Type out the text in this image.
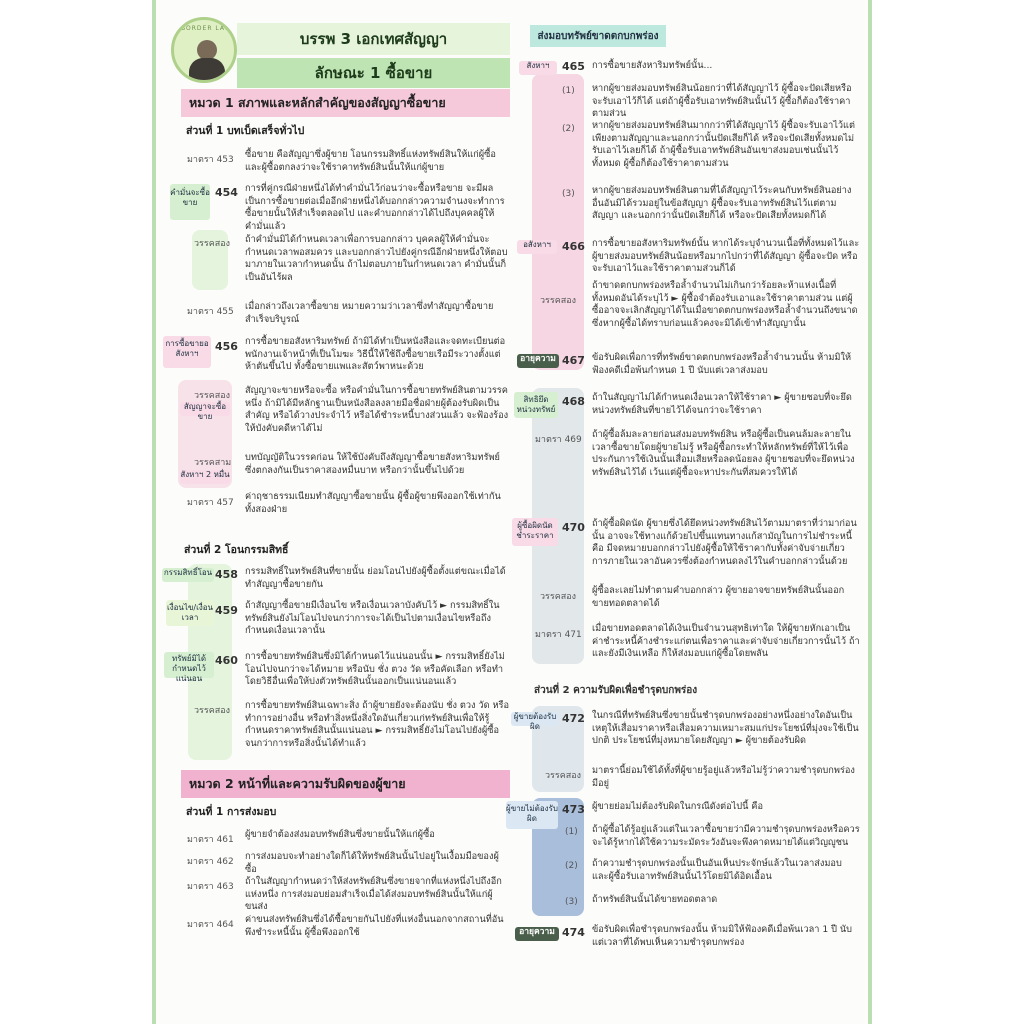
BORDER LAW
บรรพ 3 เอกเทศสัญญา
ลักษณะ 1 ซื้อขาย
หมวด 1 สภาพและหลักสำคัญของสัญญาซื้อขาย
ส่วนที่ 1 บทเบ็ดเสร็จทั่วไป
มาตรา 453 ซื้อขาย คือสัญญาซึ่งผู้ขาย โอนกรรมสิทธิ์แห่งทรัพย์สินให้แก่ผู้ซื้อ และผู้ซื้อตกลงว่าจะใช้ราคาทรัพย์สินนั้นให้แก่ผู้ขาย
คำมั่นจะซื้อขาย
454 การที่คู่กรณีฝ่ายหนึ่งได้ทำคำมั่นไว้ก่อนว่าจะซื้อหรือขาย จะมีผลเป็นการซื้อขายต่อเมื่ออีกฝ่ายหนึ่งได้บอกกล่าวความจำนงจะทำการซื้อขายนั้นให้สำเร็จตลอดไป และคำบอกกล่าวได้ไปถึงบุคคลผู้ให้คำมั่นแล้ว
วรรคสอง ถ้าคำมั่นมิได้กำหนดเวลาเพื่อการบอกกล่าว บุคคลผู้ให้คำมั่นจะกำหนดเวลาพอสมควร และบอกกล่าวไปยังคู่กรณีอีกฝ่ายหนึ่งให้ตอบมาภายในเวลากำหนดนั้น ถ้าไม่ตอบภายในกำหนดเวลา คำมั่นนั้นก็เป็นอันไร้ผล
มาตรา 455 เมื่อกล่าวถึงเวลาซื้อขาย หมายความว่าเวลาซึ่งทำสัญญาซื้อขายสำเร็จบริบูรณ์
การซื้อขายอสังหาฯ
456 การซื้อขายอสังหาริมทรัพย์ ถ้ามิได้ทำเป็นหนังสือและจดทะเบียนต่อพนักงานเจ้าหน้าที่เป็นโมฆะ วิธีนี้ให้ใช้ถึงซื้อขายเรือมีระวางตั้งแต่ห้าตันขึ้นไป ทั้งซื้อขายแพและสัตว์พาหนะด้วย
วรรคสอง
สัญญาจะซื้อขาย
สัญญาจะขายหรือจะซื้อ หรือคำมั่นในการซื้อขายทรัพย์สินตามวรรคหนึ่ง ถ้ามิได้มีหลักฐานเป็นหนังสือลงลายมือชื่อฝ่ายผู้ต้องรับผิดเป็นสำคัญ หรือได้วางประจำไว้ หรือได้ชำระหนี้บางส่วนแล้ว จะฟ้องร้องให้บังคับคดีหาได้ไม่
วรรคสาม
สังหาฯ 2 หมื่น
บทบัญญัติในวรรคก่อน ให้ใช้บังคับถึงสัญญาซื้อขายสังหาริมทรัพย์ซึ่งตกลงกันเป็นราคาสองหมื่นบาท หรือกว่านั้นขึ้นไปด้วย
มาตรา 457
ค่าฤชาธรรมเนียมทำสัญญาซื้อขายนั้น ผู้ซื้อผู้ขายพึงออกใช้เท่ากันทั้งสองฝ่าย
ส่วนที่ 2 โอนกรรมสิทธิ์
กรรมสิทธิ์โอน 458 กรรมสิทธิ์ในทรัพย์สินที่ขายนั้น ย่อมโอนไปยังผู้ซื้อตั้งแต่ขณะเมื่อได้ทำสัญญาซื้อขายกัน
เงื่อนไข/เงื่อนเวลา
459 ถ้าสัญญาซื้อขายมีเงื่อนไข หรือเงื่อนเวลาบังคับไว้ ► กรรมสิทธิ์ในทรัพย์สินยังไม่โอนไปจนกว่าการจะได้เป็นไปตามเงื่อนไขหรือถึงกำหนดเงื่อนเวลานั้น
ทรัพย์มิได้กำหนดไว้แน่นอน
460 การซื้อขายทรัพย์สินซึ่งมิได้กำหนดไว้แน่นอนนั้น ► กรรมสิทธิ์ยังไม่โอนไปจนกว่าจะได้หมาย หรือนับ ชั่ง ตวง วัด หรือคัดเลือก หรือทำโดยวิธีอื่นเพื่อให้บ่งตัวทรัพย์สินนั้นออกเป็นแน่นอนแล้ว
วรรคสอง การซื้อขายทรัพย์สินเฉพาะสิ่ง ถ้าผู้ขายยังจะต้องนับ ชั่ง ตวง วัด หรือทำการอย่างอื่น หรือทำสิ่งหนึ่งสิ่งใดอันเกี่ยวแก่ทรัพย์สินเพื่อให้รู้กำหนดราคาทรัพย์สินนั้นแน่นอน ► กรรมสิทธิ์ยังไม่โอนไปยังผู้ซื้อจนกว่าการหรือสิ่งนั้นได้ทำแล้ว
หมวด 2 หน้าที่และความรับผิดของผู้ขาย
ส่วนที่ 1 การส่งมอบ
มาตรา 461 ผู้ขายจำต้องส่งมอบทรัพย์สินซึ่งขายนั้นให้แก่ผู้ซื้อ
มาตรา 462 การส่งมอบจะทำอย่างใดก็ได้ให้ทรัพย์สินนั้นไปอยู่ในเงื้อมมือของผู้ซื้อ
มาตรา 463 ถ้าในสัญญากำหนดว่าให้ส่งทรัพย์สินซึ่งขายจากที่แห่งหนึ่งไปถึงอีกแห่งหนึ่ง การส่งมอบย่อมสำเร็จเมื่อได้ส่งมอบทรัพย์สินนั้นให้แก่ผู้ขนส่ง
มาตรา 464 ค่าขนส่งทรัพย์สินซึ่งได้ซื้อขายกันไปยังที่แห่งอื่นนอกจากสถานที่อันพึงชำระหนี้นั้น ผู้ซื้อพึงออกใช้
ส่งมอบทรัพย์ขาดตกบกพร่อง
สังหาฯ	465 การซื้อขายสังหาริมทรัพย์นั้น...
(1) หากผู้ขายส่งมอบทรัพย์สินน้อยกว่าที่ได้สัญญาไว้ ผู้ซื้อจะปัดเสียหรือจะรับเอาไว้ก็ได้ แต่ถ้าผู้ซื้อรับเอาทรัพย์สินนั้นไว้ ผู้ซื้อก็ต้องใช้ราคาตามส่วน
(2) หากผู้ขายส่งมอบทรัพย์สินมากกว่าที่ได้สัญญาไว้ ผู้ซื้อจะรับเอาไว้แต่เพียงตามสัญญาและนอกกว่านั้นปัดเสียก็ได้ หรือจะปัดเสียทั้งหมดไม่รับเอาไว้เลยก็ได้ ถ้าผู้ซื้อรับเอาทรัพย์สินอันเขาส่งมอบเช่นนั้นไว้ทั้งหมด ผู้ซื้อก็ต้องใช้ราคาตามส่วน
(3) หากผู้ขายส่งมอบทรัพย์สินตามที่ได้สัญญาไว้ระคนกับทรัพย์สินอย่างอื่นอันมิได้รวมอยู่ในข้อสัญญา ผู้ซื้อจะรับเอาทรัพย์สินไว้แต่ตามสัญญา และนอกกว่านั้นปัดเสียก็ได้ หรือจะปัดเสียทั้งหมดก็ได้
อสังหาฯ	466 การซื้อขายอสังหาริมทรัพย์นั้น หากได้ระบุจำนวนเนื้อที่ทั้งหมดไว้และผู้ขายส่งมอบทรัพย์สินน้อยหรือมากไปกว่าที่ได้สัญญา ผู้ซื้อจะปัด หรือจะรับเอาไว้และใช้ราคาตามส่วนก็ได้
วรรคสอง
ถ้าขาดตกบกพร่องหรือล้ำจำนวนไม่เกินกว่าร้อยละห้าแห่งเนื้อที่ทั้งหมดอันได้ระบุไว้ ► ผู้ซื้อจำต้องรับเอาและใช้ราคาตามส่วน แต่ผู้ซื้ออาจจะเลิกสัญญาได้ในเมื่อขาดตกบกพร่องหรือล้ำจำนวนถึงขนาดซึ่งหากผู้ซื้อได้ทราบก่อนแล้วคงจะมิได้เข้าทำสัญญานั้น
อายุความ 467 ข้อรับผิดเพื่อการที่ทรัพย์ขาดตกบกพร่องหรือล้ำจำนวนนั้น ห้ามมิให้ฟ้องคดีเมื่อพ้นกำหนด 1 ปี นับแต่เวลาส่งมอบ
สิทธิยึดหน่วงทรัพย์
468 ถ้าในสัญญาไม่ได้กำหนดเงื่อนเวลาให้ใช้ราคา ► ผู้ขายชอบที่จะยึดหน่วงทรัพย์สินที่ขายไว้ได้จนกว่าจะใช้ราคา
มาตรา 469 ถ้าผู้ซื้อล้มละลายก่อนส่งมอบทรัพย์สิน หรือผู้ซื้อเป็นคนล้มละลายในเวลาซื้อขายโดยผู้ขายไม่รู้ หรือผู้ซื้อกระทำให้หลักทรัพย์ที่ให้ไว้เพื่อประกันการใช้เงินนั้นเสื่อมเสียหรือลดน้อยลง ผู้ขายชอบที่จะยึดหน่วงทรัพย์สินไว้ได้ เว้นแต่ผู้ซื้อจะหาประกันที่สมควรให้ได้
ผู้ซื้อผิดนัดชำระราคา
470 ถ้าผู้ซื้อผิดนัด ผู้ขายซึ่งได้ยึดหน่วงทรัพย์สินไว้ตามมาตราที่ว่ามาก่อนนั้น อาจจะใช้ทางแก้ด้วยไปขึ้นแทนทางแก้สามัญในการไม่ชำระหนี้คือ มีจดหมายบอกกล่าวไปยังผู้ซื้อให้ใช้ราคากับทั้งค่าจับจ่ายเกี่ยวการภายในเวลาอันควรซึ่งต้องกำหนดลงไว้ในคำบอกกล่าวนั้นด้วย
วรรคสอง
ผู้ซื้อละเลยไม่ทำตามคำบอกกล่าว ผู้ขายอาจขายทรัพย์สินนั้นออกขายทอดตลาดได้
มาตรา 471
เมื่อขายทอดตลาดได้เงินเป็นจำนวนสุทธิเท่าใด ให้ผู้ขายหักเอาเป็นค่าชำระหนี้ค้างชำระแก่ตนเพื่อราคาและค่าจับจ่ายเกี่ยวการนั้นไว้ ถ้าและยังมีเงินเหลือ ก็ให้ส่งมอบแก่ผู้ซื้อโดยพลัน
ส่วนที่ 2 ความรับผิดเพื่อชำรุดบกพร่อง
ผู้ขายต้องรับผิด
472 ในกรณีที่ทรัพย์สินซึ่งขายนั้นชำรุดบกพร่องอย่างหนึ่งอย่างใดอันเป็นเหตุให้เสื่อมราคาหรือเสื่อมความเหมาะสมแก่ประโยชน์ที่มุ่งจะใช้เป็นปกติ ประโยชน์ที่มุ่งหมายโดยสัญญา ► ผู้ขายต้องรับผิด
วรรคสอง มาตรานี้ย่อมใช้ได้ทั้งที่ผู้ขายรู้อยู่แล้วหรือไม่รู้ว่าความชำรุดบกพร่องมีอยู่
ผู้ขายไม่ต้องรับผิด
473 ผู้ขายย่อมไม่ต้องรับผิดในกรณีดังต่อไปนี้ คือ
(1) ถ้าผู้ซื้อได้รู้อยู่แล้วแต่ในเวลาซื้อขายว่ามีความชำรุดบกพร่องหรือควรจะได้รู้หากได้ใช้ความระมัดระวังอันจะพึงคาดหมายได้แต่วิญญูชน
(2) ถ้าความชำรุดบกพร่องนั้นเป็นอันเห็นประจักษ์แล้วในเวลาส่งมอบ และผู้ซื้อรับเอาทรัพย์สินนั้นไว้โดยมิได้อิดเอื้อน
(3) ถ้าทรัพย์สินนั้นได้ขายทอดตลาด
อายุความ 474 ข้อรับผิดเพื่อชำรุดบกพร่องนั้น ห้ามมิให้ฟ้องคดีเมื่อพ้นเวลา 1 ปี นับแต่เวลาที่ได้พบเห็นความชำรุดบกพร่อง
